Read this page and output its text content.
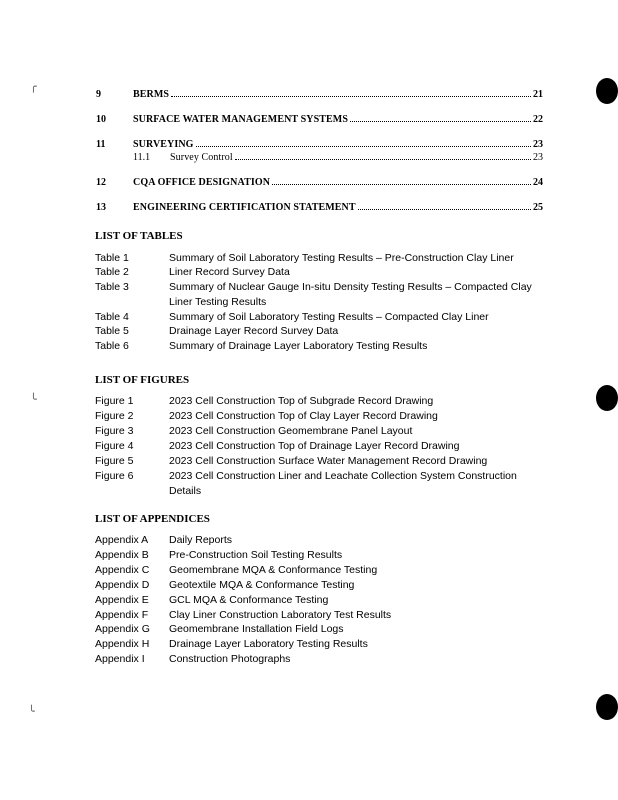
╭
╰
╰
9	BERMS	21
10	SURFACE WATER MANAGEMENT SYSTEMS	22
11	SURVEYING	23
11.1	Survey Control	23
12	CQA OFFICE DESIGNATION	24
13	ENGINEERING CERTIFICATION STATEMENT	25
LIST OF TABLES
Table 1	Summary of Soil Laboratory Testing Results – Pre-Construction Clay Liner
Table 2	Liner Record Survey Data
Table 3	Summary of Nuclear Gauge In-situ Density Testing Results – Compacted Clay Liner Testing Results
Table 4	Summary of Soil Laboratory Testing Results – Compacted Clay Liner
Table 5	Drainage Layer Record Survey Data
Table 6	Summary of Drainage Layer Laboratory Testing Results
LIST OF FIGURES
Figure 1	2023 Cell Construction Top of Subgrade Record Drawing
Figure 2	2023 Cell Construction Top of Clay Layer Record Drawing
Figure 3	2023 Cell Construction Geomembrane Panel Layout
Figure 4	2023 Cell Construction Top of Drainage Layer Record Drawing
Figure 5	2023 Cell Construction Surface Water Management Record Drawing
Figure 6	2023 Cell Construction Liner and Leachate Collection System Construction Details
LIST OF APPENDICES
Appendix A	Daily Reports
Appendix B	Pre-Construction Soil Testing Results
Appendix C	Geomembrane MQA & Conformance Testing
Appendix D	Geotextile MQA & Conformance Testing
Appendix E	GCL MQA & Conformance Testing
Appendix F	Clay Liner Construction Laboratory Test Results
Appendix G	Geomembrane Installation Field Logs
Appendix H	Drainage Layer Laboratory Testing Results
Appendix I	Construction Photographs
